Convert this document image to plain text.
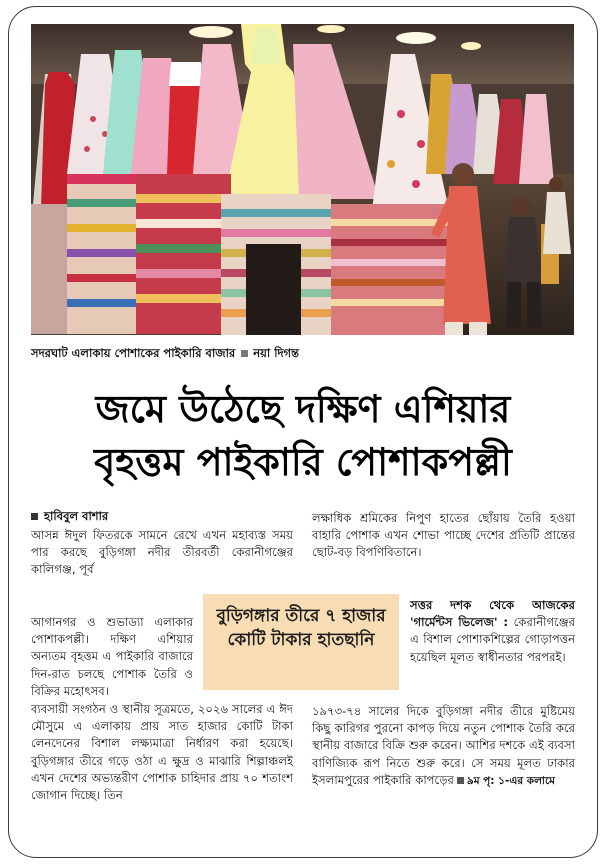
সদরঘাট এলাকায় পোশাকের পাইকারি বাজার নয়া দিগন্ত
জমে উঠেছে দক্ষিণ এশিয়ার
বৃহত্তম পাইকারি পোশাকপল্লী
হাবিবুল বাশার

আসন্ন ঈদুল ফিতরকে সামনে রেখে এখন মহাব্যস্ত সময় পার করছে বুড়িগঙ্গা নদীর তীরবর্তী কেরানীগঞ্জের কালিগঞ্জ, পূর্ব

আগানগর ও শুভাড্যা এলাকার পোশাকপল্লী। দক্ষিণ এশিয়ার অন্যতম বৃহত্তম এ পাইকারি বাজারে দিন-রাত চলছে পোশাক তৈরি ও বিক্রির মহোৎসব।

ব্যবসায়ী সংগঠন ও স্থানীয় সূত্রমতে, ২০২৬ সালের এ ঈদ মৌসুমে এ এলাকায় প্রায় সাত হাজার কোটি টাকা লেনদেনের বিশাল লক্ষ্যমাত্রা নির্ধারণ করা হয়েছে। বুড়িগঙ্গার তীরে গড়ে ওঠা এ ক্ষুদ্র ও মাঝারি শিল্পাঞ্চলই এখন দেশের অভ্যন্তরীণ পোশাক চাহিদার প্রায় ৭০ শতাংশ জোগান দিচ্ছে। তিন

বুড়িগঙ্গার তীরে ৭ হাজার কোটি টাকার হাতছানি

লক্ষাধিক শ্রমিকের নিপুণ হাতের ছোঁয়ায় তৈরি হওয়া বাহারি পোশাক এখন শোভা পাচ্ছে দেশের প্রতিটি প্রান্তের ছোট-বড় বিপণিবিতানে।

সত্তর দশক থেকে আজকের 'গার্মেন্টস ভিলেজ' : কেরানীগঞ্জের এ বিশাল পোশাকশিল্পের গোড়াপত্তন হয়েছিল মূলত স্বাধীনতার পরপরই।

১৯৭৩-৭৪ সালের দিকে বুড়িগঙ্গা নদীর তীরে মুষ্টিমেয় কিছু কারিগর পুরনো কাপড় দিয়ে নতুন পোশাক তৈরি করে স্থানীয় বাজারে বিক্রি শুরু করেন। আশির দশকে এই ব্যবসা বাণিজ্যিক রূপ নিতে শুরু করে। সে সময় মূলত ঢাকার ইসলামপুরের পাইকারি কাপড়ের ৯ম পৃ: ১-এর কলামে
